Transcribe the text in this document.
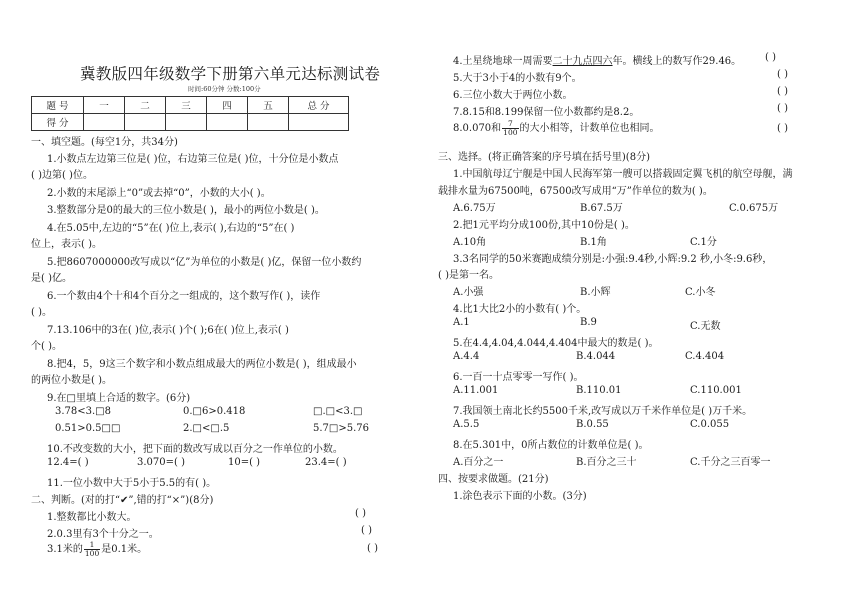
冀教版四年级数学下册第六单元达标测试卷
时间:60分钟 分数:100分
题 号	一	二	三	四	五	总 分
得 分						
一、填空题。(每空1分，共34分)
1.小数点左边第三位是( )位，右边第三位是( )位，十分位是小数点
( )边第( )位。
2.小数的末尾添上“0”或去掉“0”，小数的大小( )。
3.整数部分是0的最大的三位小数是( )，最小的两位小数是( )。
4.在5.05中,左边的“5”在( )位上,表示( ),右边的“5”在( )
位上，表示( )。
5.把8607000000改写成以“亿”为单位的小数是( )亿，保留一位小数约
是( )亿。
6.一个数由4个十和4个百分之一组成的，这个数写作( )，读作
( )。
7.13.106中的3在( )位,表示( )个( );6在( )位上,表示( )
个( )。
8.把4，5，9这三个数字和小数点组成最大的两位小数是( )，组成最小
的两位小数是( )。
9.在□里填上合适的数字。(6分)
3.78<3.□8	0.□6>0.418	□.□<3.□
0.51>0.5□□	2.□<□.5	5.7□>5.76
10.不改变数的大小，把下面的数改写成以百分之一作单位的小数。
12.4=( )	3.070=( )	10=( )	23.4=( )
11.一位小数中大于5小于5.5的有( )。
二、判断。(对的打“✔”,错的打“×”)(8分)
1.整数都比小数大。	( )
2.0.3里有3个十分之一。	( )
3.1米的 $\frac{1}{100}$ 是0.1米。	( )
4.土星绕地球一周需要二十九点四六年。横线上的数写作29.46。 ( )
5.大于3小于4的小数有9个。	( )
6.三位小数大于两位小数。	( )
7.8.15和8.199保留一位小数都约是8.2。	( )
8.0.070和 $\frac{7}{100}$ 的大小相等，计数单位也相同。	( )
三、选择。(将正确答案的序号填在括号里)(8分)
1.中国航母辽宁舰是中国人民海军第一艘可以搭载固定翼飞机的航空母舰，满
载排水量为67500吨，67500改写成用“万”作单位的数为( )。
A.6.75万	B.67.5万	C.0.675万
2.把1元平均分成100份,其中10份是( )。
A.10角	B.1角	C.1分
3.3名同学的50米赛跑成绩分别是:小强:9.4秒,小辉:9.2 秒,小冬:9.6秒，
( )是第一名。
A.小强	B.小辉	C.小冬
4.比1大比2小的小数有( )个。
A.1	B.9	C.无数
5.在4.4,4.04,4.044,4.404中最大的数是( )。
A.4.4	B.4.044	C.4.404
6.一百一十点零零一写作( )。
A.11.001	B.110.01	C.110.001
7.我国领土南北长约5500千米,改写成以万千米作单位是( )万千米。
A.5.5	B.0.55	C.0.055
8.在5.301中，0所占数位的计数单位是( )。
A.百分之一	B.百分之三十	C.千分之三百零一
四、按要求做题。(21分)
1.涂色表示下面的小数。(3分)
